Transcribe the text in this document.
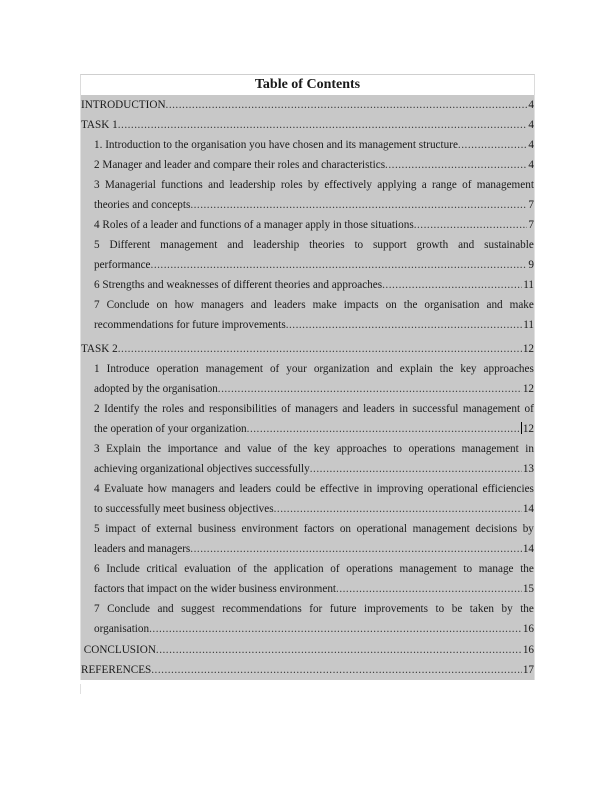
Table of Contents
INTRODUCTION .....	4
TASK 1 .....	4
1. Introduction to the organisation you have chosen and its management structure .....	4
2 Manager and leader and compare their roles and characteristics .....	4
3 Managerial functions and leadership roles by effectively applying a range of management
theories and concepts .....	7
4 Roles of a leader and functions of a manager apply in those situations .....	7
5 Different management and leadership theories to support growth and sustainable
performance .....	9
6 Strengths and weaknesses of different theories and approaches .....	11
7 Conclude on how managers and leaders make impacts on the organisation and make
recommendations for future improvements .....	11
TASK 2 .....	12
1 Introduce operation management of your organization and explain the key approaches
adopted by the organisation .....	12
2 Identify the roles and responsibilities of managers and leaders in successful management of
the operation of your organization .....	12
3 Explain the importance and value of the key approaches to operations management in
achieving organizational objectives successfully .....	13
4 Evaluate how managers and leaders could be effective in improving operational efficiencies
to successfully meet business objectives .....	14
5 impact of external business environment factors on operational management decisions by
leaders and managers .....	14
6 Include critical evaluation of the application of operations management to manage the
factors that impact on the wider business environment .....	15
7 Conclude and suggest recommendations for future improvements to be taken by the
organisation .....	16
CONCLUSION .....	16
REFERENCES .....	17
